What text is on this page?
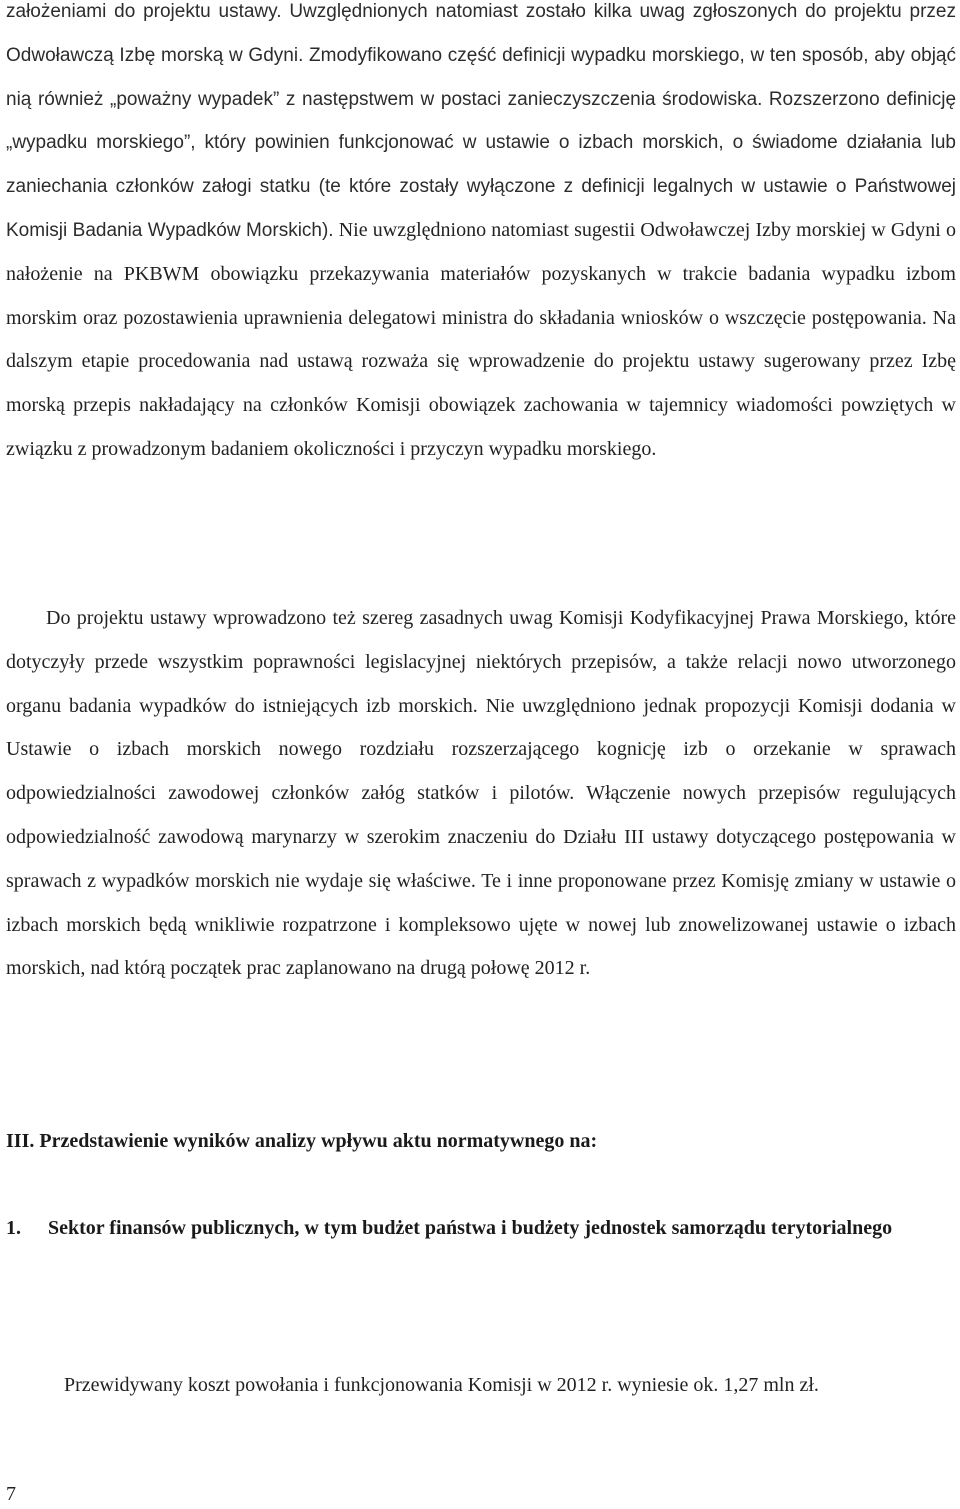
założeniami do projektu ustawy. Uwzględnionych natomiast zostało kilka uwag zgłoszonych do projektu przez Odwoławczą Izbę morską w Gdyni. Zmodyfikowano część definicji wypadku morskiego, w ten sposób, aby objąć nią również „poważny wypadek” z następstwem w postaci zanieczyszczenia środowiska. Rozszerzono definicję „wypadku morskiego”, który powinien funkcjonować w ustawie o izbach morskich, o świadome działania lub zaniechania członków załogi statku (te które zostały wyłączone z definicji legalnych w ustawie o Państwowej Komisji Badania Wypadków Morskich). Nie uwzględniono natomiast sugestii Odwoławczej Izby morskiej w Gdyni o nałożenie na PKBWM obowiązku przekazywania materiałów pozyskanych w trakcie badania wypadku izbom morskim oraz pozostawienia uprawnienia delegatowi ministra do składania wniosków o wszczęcie postępowania. Na dalszym etapie procedowania nad ustawą rozważa się wprowadzenie do projektu ustawy sugerowany przez Izbę morską przepis nakładający na członków Komisji obowiązek zachowania w tajemnicy wiadomości powziętych w związku z prowadzonym badaniem okoliczności i przyczyn wypadku morskiego.

Do projektu ustawy wprowadzono też szereg zasadnych uwag Komisji Kodyfikacyjnej Prawa Morskiego, które dotyczyły przede wszystkim poprawności legislacyjnej niektórych przepisów, a także relacji nowo utworzonego organu badania wypadków do istniejących izb morskich. Nie uwzględniono jednak propozycji Komisji dodania w Ustawie o izbach morskich nowego rozdziału rozszerzającego kognicję izb o orzekanie w sprawach odpowiedzialności zawodowej członków załóg statków i pilotów. Włączenie nowych przepisów regulujących odpowiedzialność zawodową marynarzy w szerokim znaczeniu do Działu III ustawy dotyczącego postępowania w sprawach z wypadków morskich nie wydaje się właściwe. Te i inne proponowane przez Komisję zmiany w ustawie o izbach morskich będą wnikliwie rozpatrzone i kompleksowo ujęte w nowej lub znowelizowanej ustawie o izbach morskich, nad którą początek prac zaplanowano na drugą połowę 2012 r.

III. Przedstawienie wyników analizy wpływu aktu normatywnego na:

1.	Sektor finansów publicznych, w tym budżet państwa i budżety jednostek samorządu terytorialnego

Przewidywany koszt powołania i funkcjonowania Komisji w 2012 r. wyniesie ok. 1,27 mln zł.

7
